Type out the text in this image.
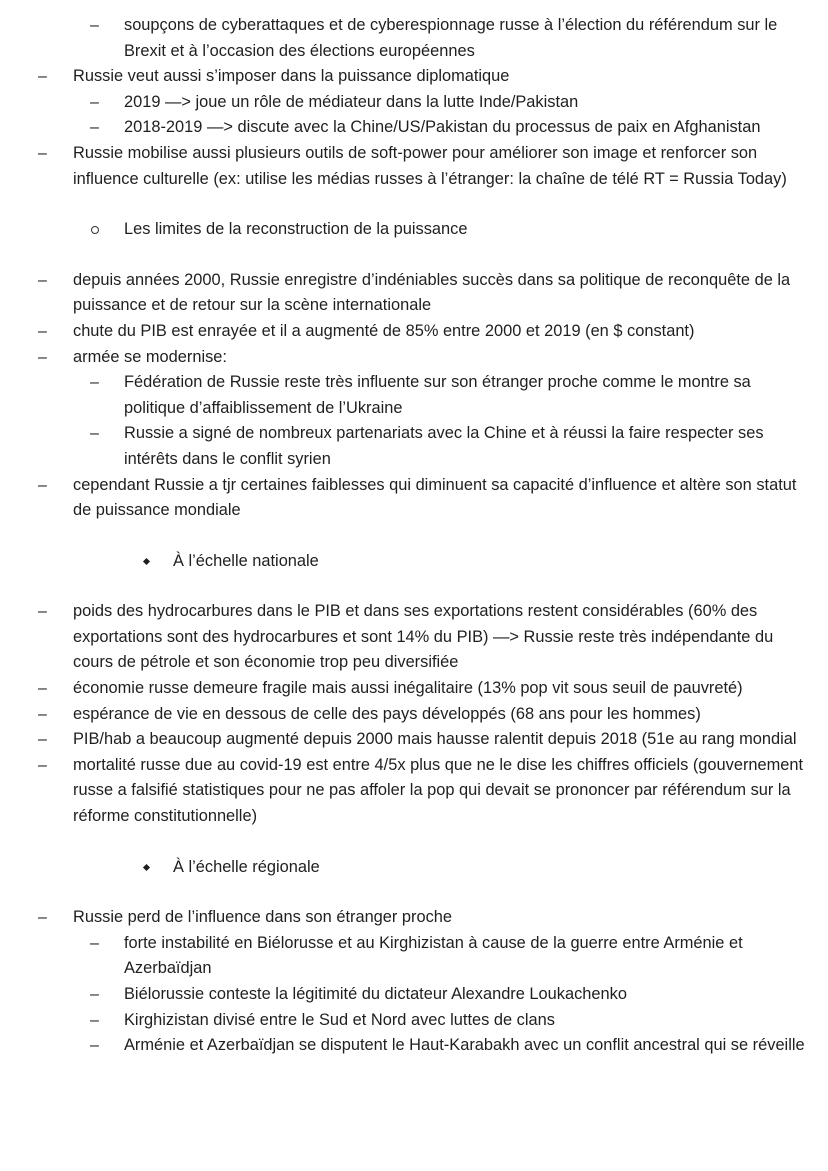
– soupçons de cyberattaques et de cyberespionnage russe à l’élection du référendum sur le Brexit et à l’occasion des élections européennes
– Russie veut aussi s’imposer dans la puissance diplomatique
– 2019 —> joue un rôle de médiateur dans la lutte Inde/Pakistan
– 2018-2019 —> discute avec la Chine/US/Pakistan du processus de paix en Afghanistan
– Russie mobilise aussi plusieurs outils de soft-power pour améliorer son image et renforcer son influence culturelle (ex: utilise les médias russes à l’étranger: la chaîne de télé RT = Russia Today)
Les limites de la reconstruction de la puissance
– depuis années 2000, Russie enregistre d’indéniables succès dans sa politique de reconquête de la puissance et de retour sur la scène internationale
– chute du PIB est enrayée et il a augmenté de 85% entre 2000 et 2019 (en $ constant)
– armée se modernise:
– Fédération de Russie reste très influente sur son étranger proche comme le montre sa politique d’affaiblissement de l’Ukraine
– Russie a signé de nombreux partenariats avec la Chine et à réussi la faire respecter ses intérêts dans le conflit syrien
– cependant Russie a tjr certaines faiblesses qui diminuent sa capacité d’influence et altère son statut de puissance mondiale
À l’échelle nationale
– poids des hydrocarbures dans le PIB et dans ses exportations restent considérables (60% des exportations sont des hydrocarbures et sont 14% du PIB) —> Russie reste très indépendante du cours de pétrole et son économie trop peu diversifiée
– économie russe demeure fragile mais aussi inégalitaire (13% pop vit sous seuil de pauvreté)
– espérance de vie en dessous de celle des pays développés (68 ans pour les hommes)
– PIB/hab a beaucoup augmenté depuis 2000 mais hausse ralentit depuis 2018 (51e au rang mondial
– mortalité russe due au covid-19 est entre 4/5x plus que ne le dise les chiffres officiels (gouvernement russe a falsifié statistiques pour ne pas affoler la pop qui devait se prononcer par référendum sur la réforme constitutionnelle)
À l’échelle régionale
– Russie perd de l’influence dans son étranger proche
– forte instabilité en Biélorusse et au Kirghizistan à cause de la guerre entre Arménie et Azerbaïdjan
– Biélorussie conteste la légitimité du dictateur Alexandre Loukachenko
– Kirghizistan divisé entre le Sud et Nord avec luttes de clans
– Arménie et Azerbaïdjan se disputent le Haut-Karabakh avec un conflit ancestral qui se réveille
